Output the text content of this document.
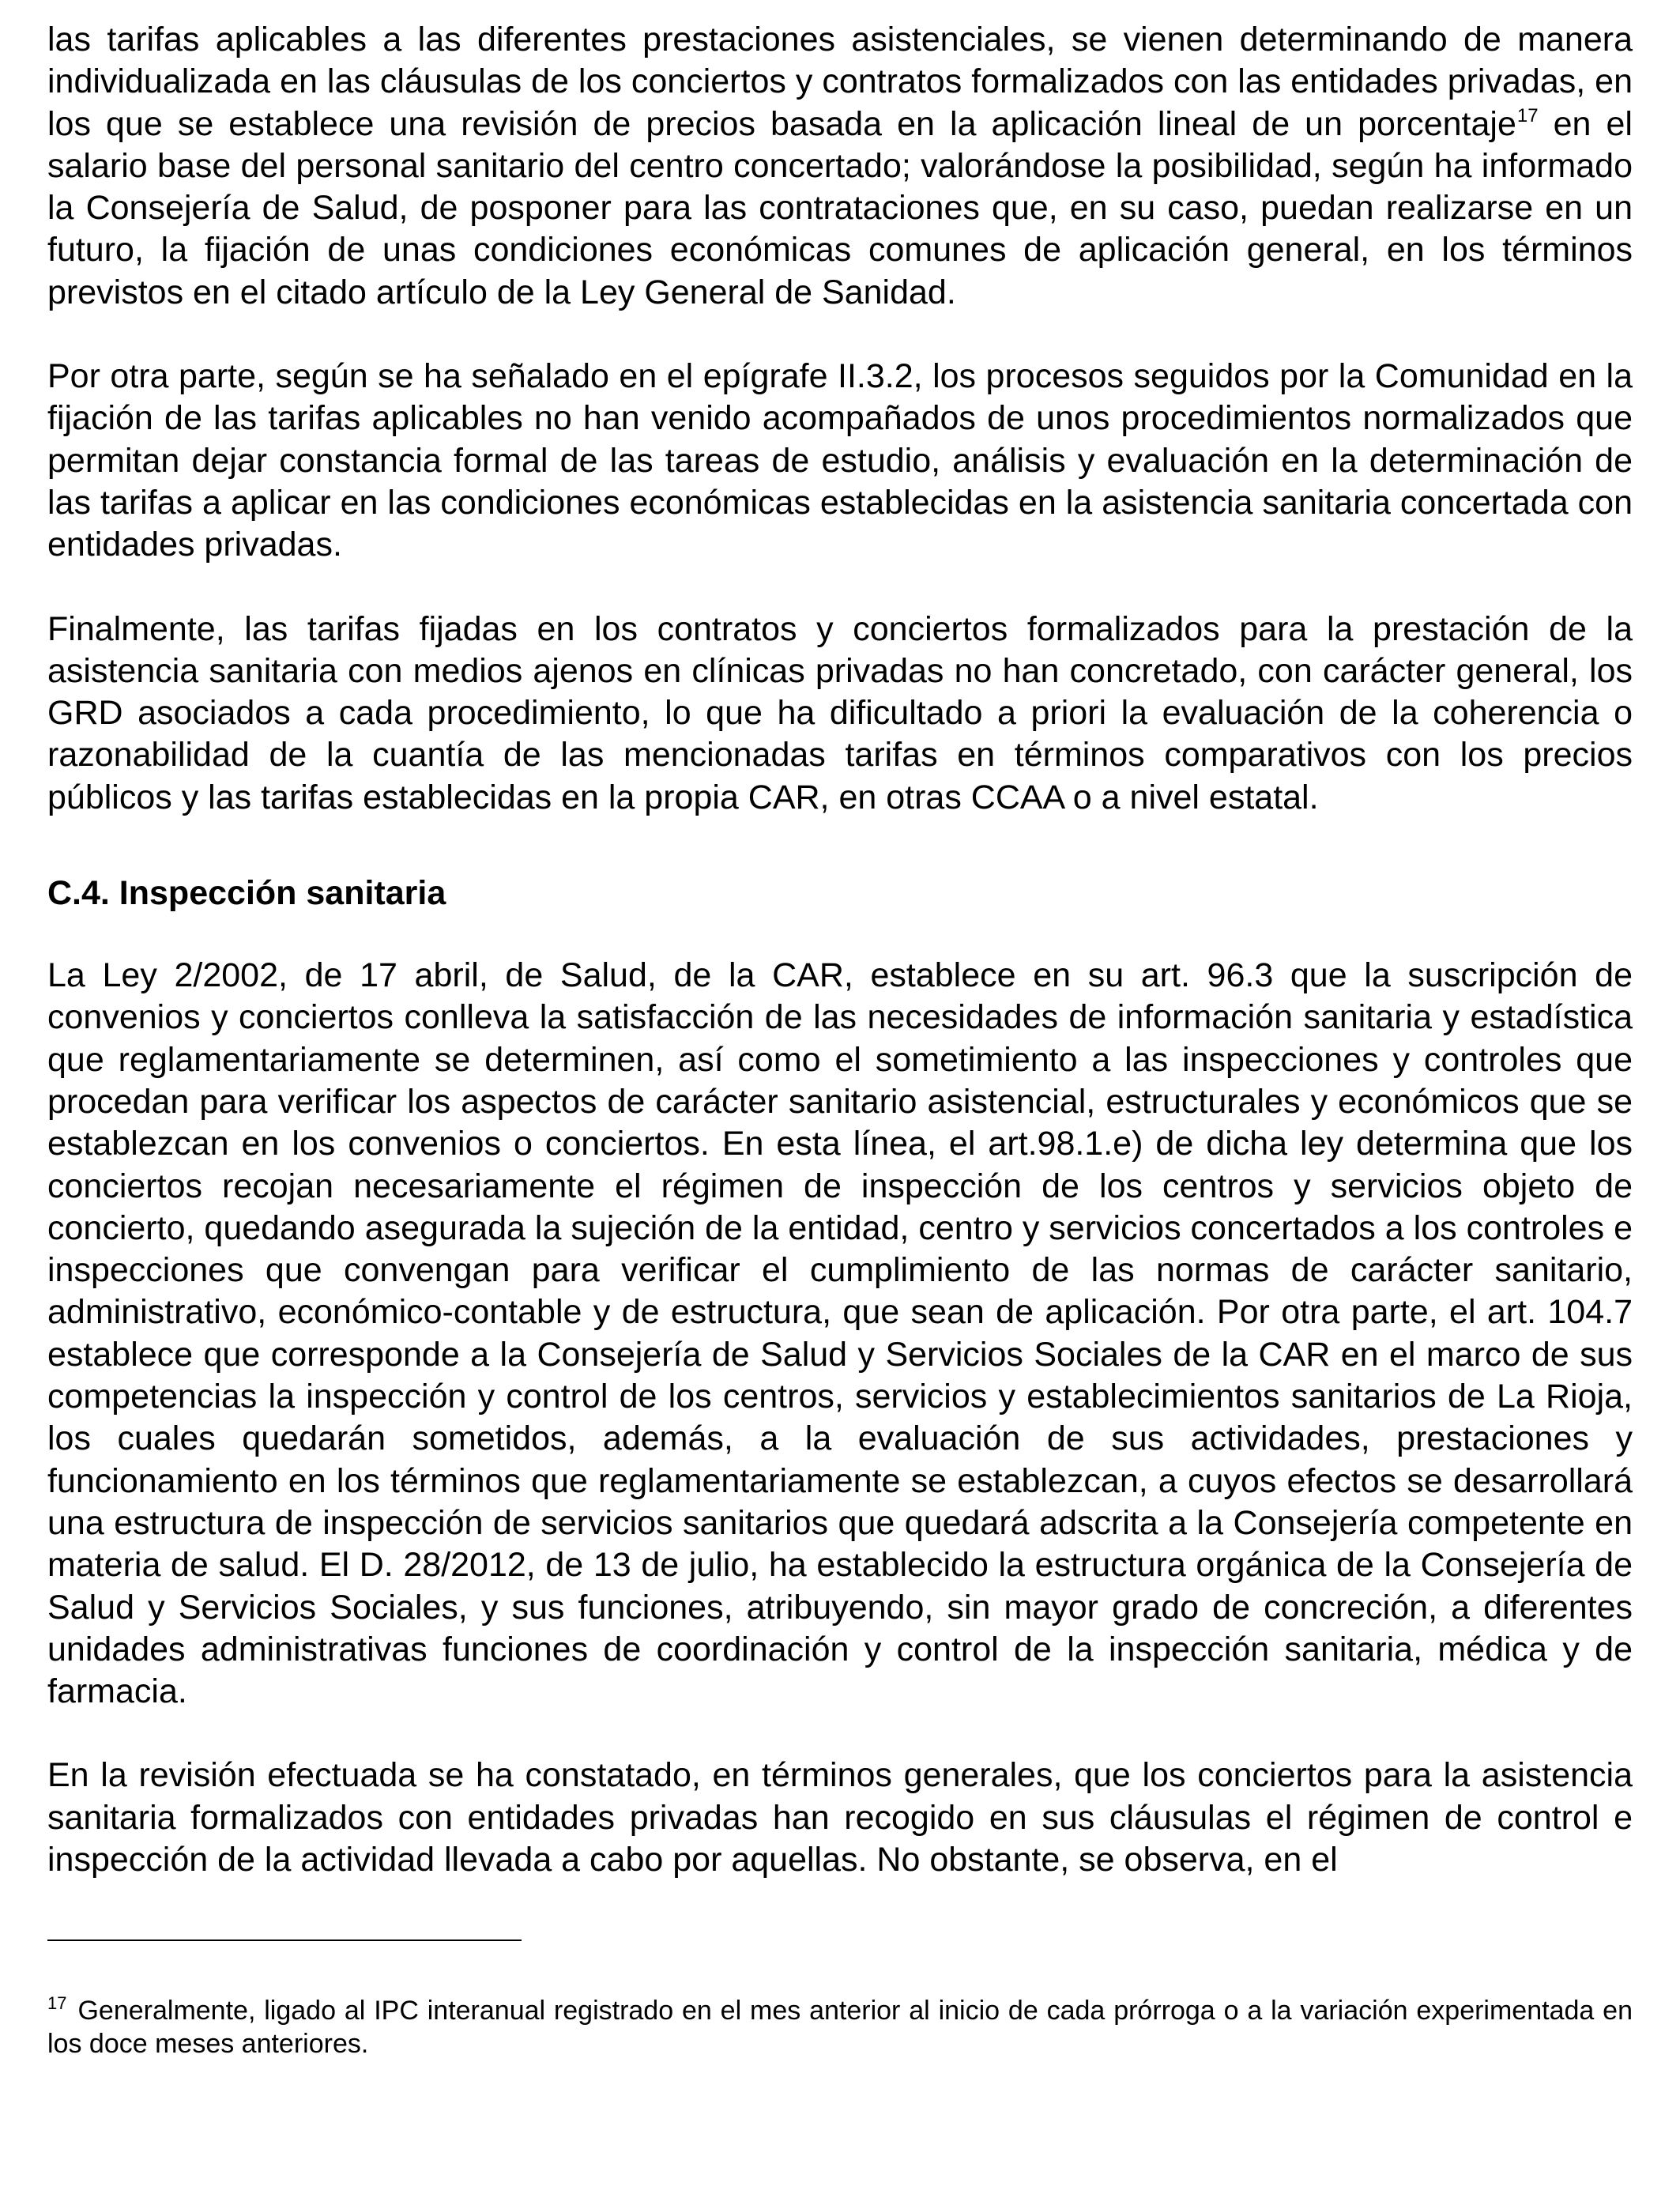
las tarifas aplicables a las diferentes prestaciones asistenciales, se vienen determinando de manera individualizada en las cláusulas de los conciertos y contratos formalizados con las entidades privadas, en los que se establece una revisión de precios basada en la aplicación lineal de un porcentaje$^{17}$ en el salario base del personal sanitario del centro concertado; valorándose la posibilidad, según ha informado la Consejería de Salud, de posponer para las contrataciones que, en su caso, puedan realizarse en un futuro, la fijación de unas condiciones económicas comunes de aplicación general, en los términos previstos en el citado artículo de la Ley General de Sanidad.

Por otra parte, según se ha señalado en el epígrafe II.3.2, los procesos seguidos por la Comunidad en la fijación de las tarifas aplicables no han venido acompañados de unos procedimientos normalizados que permitan dejar constancia formal de las tareas de estudio, análisis y evaluación en la determinación de las tarifas a aplicar en las condiciones económicas establecidas en la asistencia sanitaria concertada con entidades privadas.

Finalmente, las tarifas fijadas en los contratos y conciertos formalizados para la prestación de la asistencia sanitaria con medios ajenos en clínicas privadas no han concretado, con carácter general, los GRD asociados a cada procedimiento, lo que ha dificultado a priori la evaluación de la coherencia o razonabilidad de la cuantía de las mencionadas tarifas en términos comparativos con los precios públicos y las tarifas establecidas en la propia CAR, en otras CCAA o a nivel estatal.

C.4. Inspección sanitaria

La Ley 2/2002, de 17 abril, de Salud, de la CAR, establece en su art. 96.3 que la suscripción de convenios y conciertos conlleva la satisfacción de las necesidades de información sanitaria y estadística que reglamentariamente se determinen, así como el sometimiento a las inspecciones y controles que procedan para verificar los aspectos de carácter sanitario asistencial, estructurales y económicos que se establezcan en los convenios o conciertos. En esta línea, el art.98.1.e) de dicha ley determina que los conciertos recojan necesariamente el régimen de inspección de los centros y servicios objeto de concierto, quedando asegurada la sujeción de la entidad, centro y servicios concertados a los controles e inspecciones que convengan para verificar el cumplimiento de las normas de carácter sanitario, administrativo, económico-contable y de estructura, que sean de aplicación. Por otra parte, el art. 104.7 establece que corresponde a la Consejería de Salud y Servicios Sociales de la CAR en el marco de sus competencias la inspección y control de los centros, servicios y establecimientos sanitarios de La Rioja, los cuales quedarán sometidos, además, a la evaluación de sus actividades, prestaciones y funcionamiento en los términos que reglamentariamente se establezcan, a cuyos efectos se desarrollará una estructura de inspección de servicios sanitarios que quedará adscrita a la Consejería competente en materia de salud. El D. 28/2012, de 13 de julio, ha establecido la estructura orgánica de la Consejería de Salud y Servicios Sociales, y sus funciones, atribuyendo, sin mayor grado de concreción, a diferentes unidades administrativas funciones de coordinación y control de la inspección sanitaria, médica y de farmacia.

En la revisión efectuada se ha constatado, en términos generales, que los conciertos para la asistencia sanitaria formalizados con entidades privadas han recogido en sus cláusulas el régimen de control e inspección de la actividad llevada a cabo por aquellas. No obstante, se observa, en el

$^{17}$ Generalmente, ligado al IPC interanual registrado en el mes anterior al inicio de cada prórroga o a la variación experimentada en los doce meses anteriores.
